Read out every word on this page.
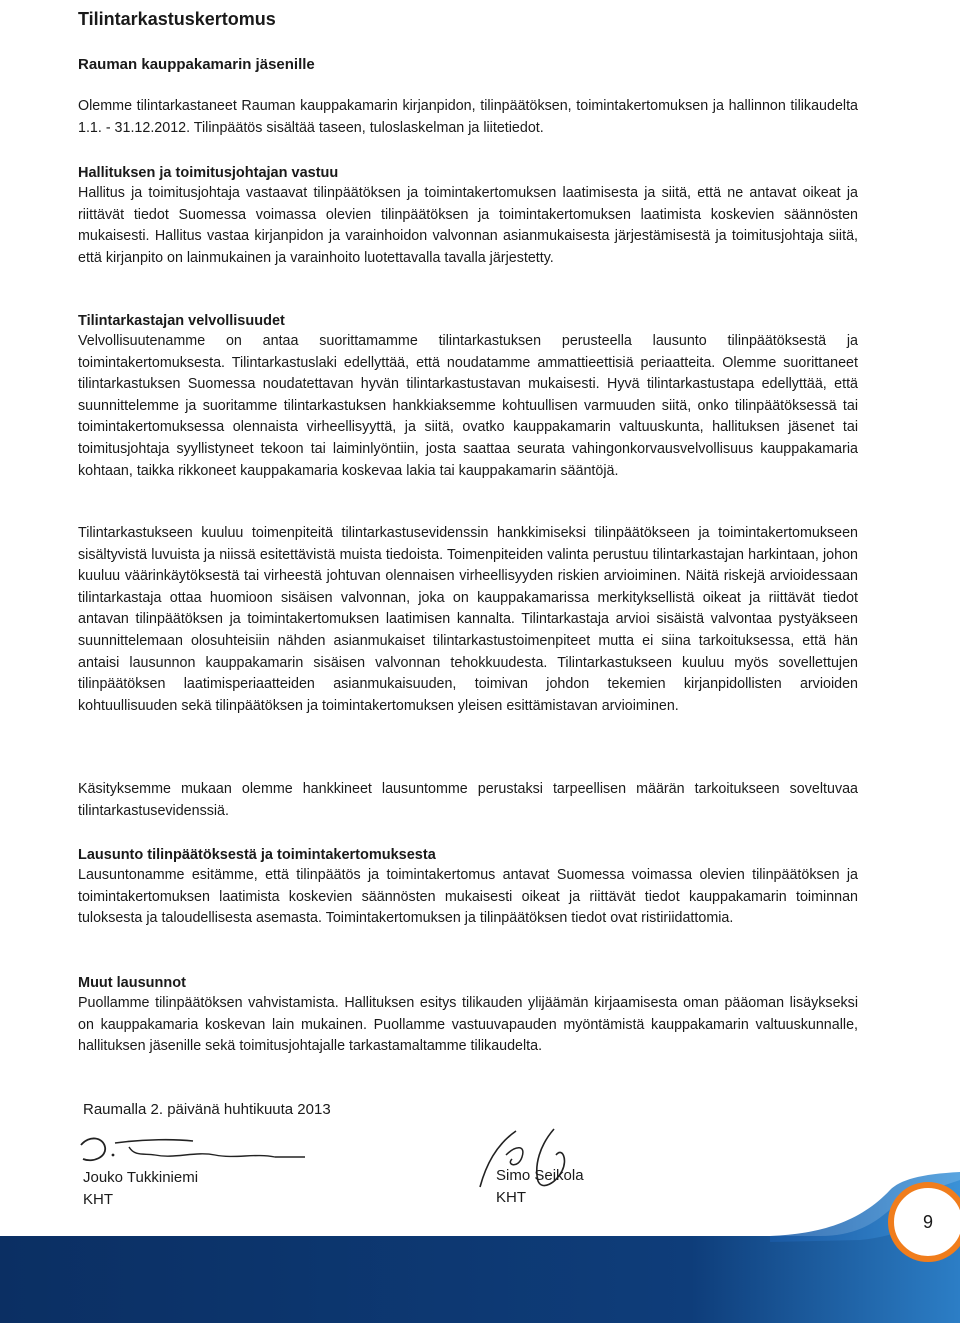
Tilintarkastuskertomus
Rauman kauppakamarin jäsenille

Olemme tilintarkastaneet Rauman kauppakamarin kirjanpidon, tilinpäätöksen, toimintakertomuksen ja hallinnon tilikaudelta 1.1. - 31.12.2012. Tilinpäätös sisältää taseen, tuloslaskelman ja liitetiedot.

Hallituksen ja toimitusjohtajan vastuu

Hallitus ja toimitusjohtaja vastaavat tilinpäätöksen ja toimintakertomuksen laatimisesta ja siitä, että ne antavat oikeat ja riittävät tiedot Suomessa voimassa olevien tilinpäätöksen ja toimintakertomuksen laatimista koskevien säännösten mukaisesti. Hallitus vastaa kirjanpidon ja varainhoidon valvonnan asianmukaisesta järjestämisestä ja toimitusjohtaja siitä, että kirjanpito on lainmukainen ja varainhoito luotettavalla tavalla järjestetty.

Tilintarkastajan velvollisuudet

Velvollisuutenamme on antaa suorittamamme tilintarkastuksen perusteella lausunto tilinpäätöksestä ja toimintakertomuksesta. Tilintarkastuslaki edellyttää, että noudatamme ammattieettisiä periaatteita. Olemme suorittaneet tilintarkastuksen Suomessa noudatettavan hyvän tilintarkastustavan mukaisesti. Hyvä tilintarkastustapa edellyttää, että suunnittelemme ja suoritamme tilintarkastuksen hankkiaksemme kohtuullisen varmuuden siitä, onko tilinpäätöksessä tai toimintakertomuksessa olennaista virheellisyyttä, ja siitä, ovatko kauppakamarin valtuuskunta, hallituksen jäsenet tai toimitusjohtaja syyllistyneet tekoon tai laiminlyöntiin, josta saattaa seurata vahingonkorvausvelvollisuus kauppakamaria kohtaan, taikka rikkoneet kauppakamaria koskevaa lakia tai kauppakamarin sääntöjä.

Tilintarkastukseen kuuluu toimenpiteitä tilintarkastusevidenssin hankkimiseksi tilinpäätökseen ja toimintakertomukseen sisältyvistä luvuista ja niissä esitettävistä muista tiedoista. Toimenpiteiden valinta perustuu tilintarkastajan harkintaan, johon kuuluu väärinkäytöksestä tai virheestä johtuvan olennaisen virheellisyyden riskien arvioiminen. Näitä riskejä arvioidessaan tilintarkastaja ottaa huomioon sisäisen valvonnan, joka on kauppakamarissa merkityksellistä oikeat ja riittävät tiedot antavan tilinpäätöksen ja toimintakertomuksen laatimisen kannalta. Tilintarkastaja arvioi sisäistä valvontaa pystyäkseen suunnittelemaan olosuhteisiin nähden asianmukaiset tilintarkastustoimenpiteet mutta ei siina tarkoituksessa, että hän antaisi lausunnon kauppakamarin sisäisen valvonnan tehokkuudesta. Tilintarkastukseen kuuluu myös sovellettujen tilinpäätöksen laatimisperiaatteiden asianmukaisuuden, toimivan johdon tekemien kirjanpidollisten arvioiden kohtuullisuuden sekä tilinpäätöksen ja toimintakertomuksen yleisen esittämistavan arvioiminen.

Käsityksemme mukaan olemme hankkineet lausuntomme perustaksi tarpeellisen määrän tarkoitukseen soveltuvaa tilintarkastusevidenssiä.

Lausunto tilinpäätöksestä ja toimintakertomuksesta

Lausuntonamme esitämme, että tilinpäätös ja toimintakertomus antavat Suomessa voimassa olevien tilinpäätöksen ja toimintakertomuksen laatimista koskevien säännösten mukaisesti oikeat ja riittävät tiedot kauppakamarin toiminnan tuloksesta ja taloudellisesta asemasta. Toimintakertomuksen ja tilinpäätöksen tiedot ovat ristiriidattomia.

Muut lausunnot

Puollamme tilinpäätöksen vahvistamista. Hallituksen esitys tilikauden ylijäämän kirjaamisesta oman pääoman lisäykseksi on kauppakamaria koskevan lain mukainen. Puollamme vastuuvapauden myöntämistä kauppakamarin valtuuskunnalle, hallituksen jäsenille sekä toimitusjohtajalle tarkastamaltamme tilikaudelta.

Raumalla 2. päivänä huhtikuuta 2013
Jouko Tukkiniemi
KHT
Simo Seikola
KHT
9
